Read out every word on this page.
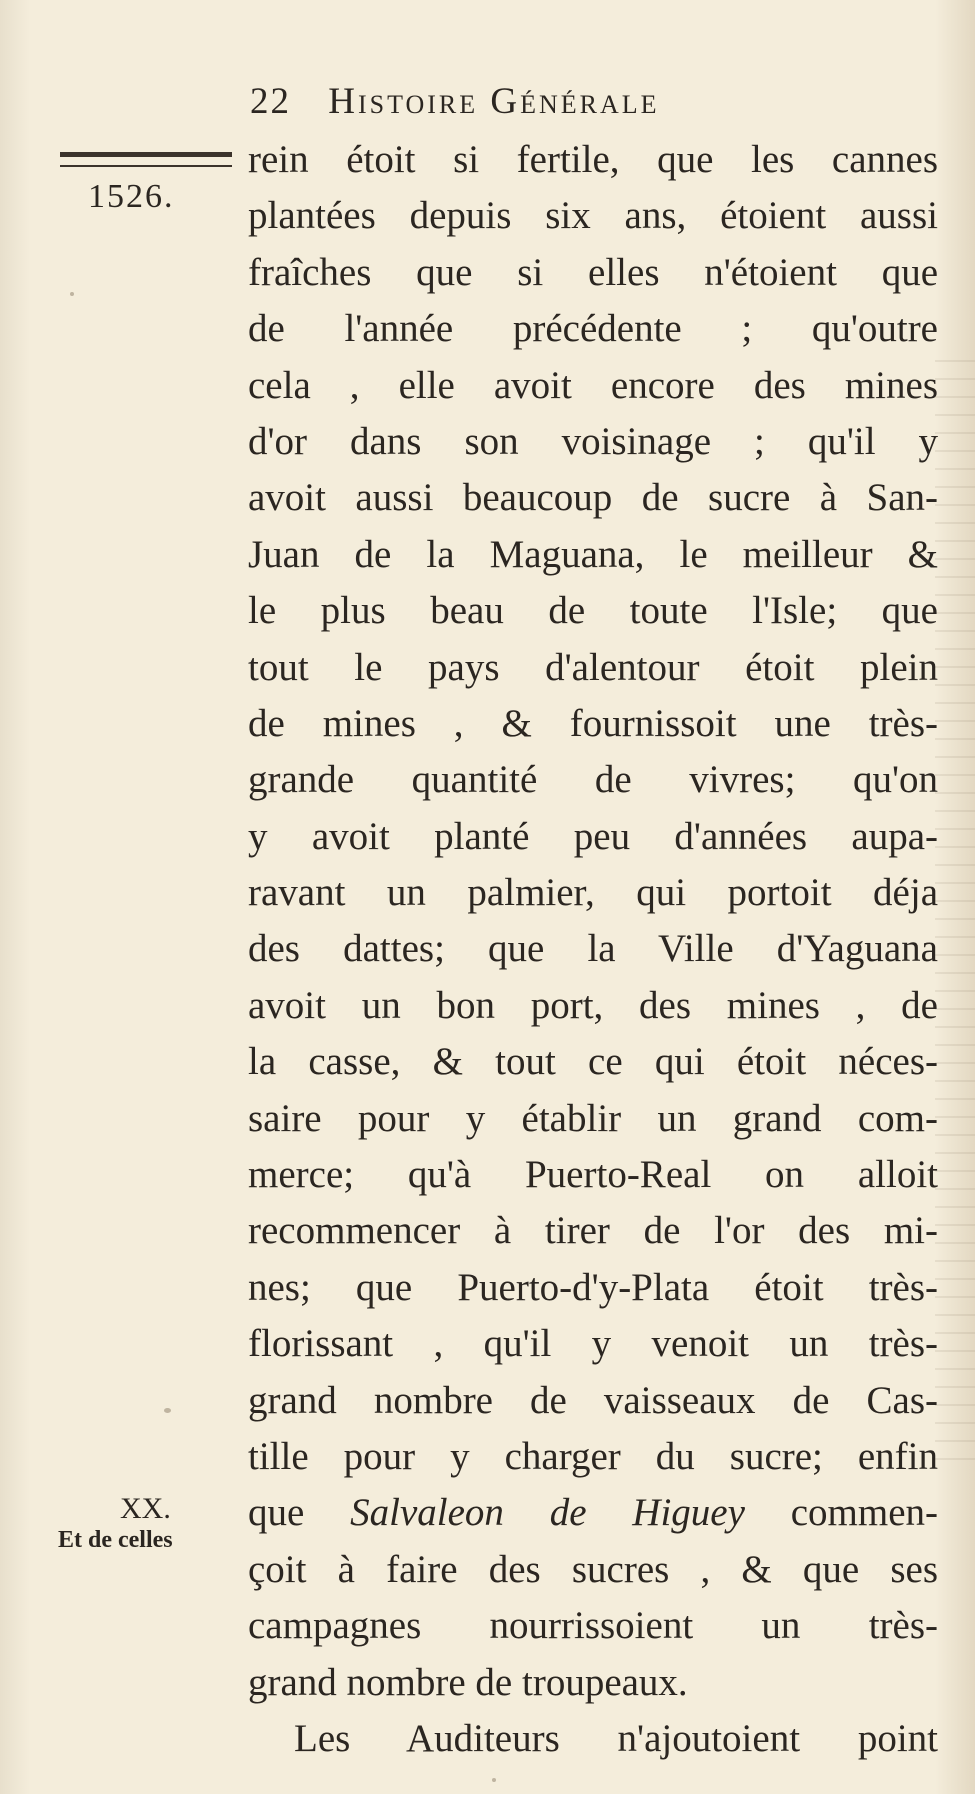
22 Histoire Générale
1526.
XX.
Et de celles
rein étoit si fertile, que les cannes
plantées depuis six ans, étoient aussi
fraîches que si elles n'étoient que
de l'année précédente ; qu'outre
cela , elle avoit encore des mines
d'or dans son voisinage ; qu'il y
avoit aussi beaucoup de sucre à San-
Juan de la Maguana, le meilleur &
le plus beau de toute l'Isle; que
tout le pays d'alentour étoit plein
de mines , & fournissoit une très-
grande quantité de vivres; qu'on
y avoit planté peu d'années aupa-
ravant un palmier, qui portoit déja
des dattes; que la Ville d'Yaguana
avoit un bon port, des mines , de
la casse, & tout ce qui étoit néces-
saire pour y établir un grand com-
merce; qu'à Puerto-Real on alloit
recommencer à tirer de l'or des mi-
nes; que Puerto-d'y-Plata étoit très-
florissant , qu'il y venoit un très-
grand nombre de vaisseaux de Cas-
tille pour y charger du sucre; enfin
que Salvaleon de Higuey commen-
çoit à faire des sucres , & que ses
campagnes nourrissoient un très-
grand nombre de troupeaux.
Les Auditeurs n'ajoutoient point
